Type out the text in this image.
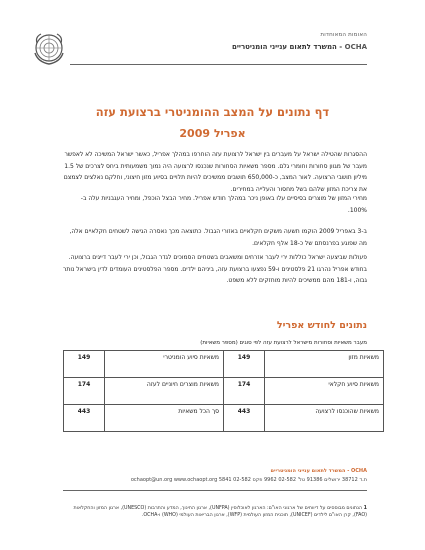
האומות המאוחדות
OCHA - המשרד לתאום ענייני הומניטריים
דף נתונים על המצב ההומניטרי ברצועת עזה
אפריל 2009
ההסגרות שהטילה ישראל על מעברים בין ישראל לרצועת עזה הוחרפו במהלך אפריל, כאשר ישראל המשיכה לא לאפשר מעבר של מגוון סחורות וחומרי גלם. מספר משאיות הסחורות שנכנסו לרצועה היה נמוך משמעותית ביחס לצרכים של 1.5 מיליון תושבי הרצועה. לאור המצב, כ-650,000 תושבים ממשיכים להיות תלויים בסיוע מזון חיצוני, וחלקם נאלצים לצמצם את צריכת המזון שלהם בשל מחסור והעלייה במחירים.
מחירי המזון של מוצרים בסיסיים עלו באופן ניכר במהלך חודש אפריל. מחיר הבצל הוכפל, ומחיר העגבניות עלה ב- 100%.
ב-3 באפריל 2009 הוקמו תשעה משקים חקלאיים באזורי הגבול. כתוצאה מכך נאסרה הגישה לשטחים חקלאיים אלה, מה שפוגע בפרנסתם של כ-18 אלף חקלאים.
פעולות שביצעה ישראל כוללות ירי לעבר אזרחים ומשאבים בשטחים הסמוכים לגדר הגבול, וכן ירי לעבר דייגים ברצועה. בחודש אפריל נהרגו 21 פלסטינים ו-59 נפצעו ברצועת עזה, ביניהם ילדים. מספר הפלסטינים העומדים לדין בישראל נותר גבוה, ו-181 מהם ממשיכים להיות מוחזקים ללא משפט.
נתונים לחודש אפריל
מעבר משאיות וסחורות מישראל לרצועת עזה לפי סוגים (מספר משאיות)
משאיות מזון	149	משאיות סיוע הומניטרי	149
משאיות סיוע חקלאי	174	משאיות מוצרים חיוניים לעזה	174
משאיות שהוכנסו לרצועה	443	סך הכל משאיות	443
OCHA - המשרד לתאום ענייני הומניטריים
ת.ד 38712 ירושלים 91386 טל' 02-582 9962 פקס 02-582 5841 ochaopt@un.org www.ochaopt.org
1 הנתונים מבוססים על דיווחים של ארגוני האו"ם: הארגון לאוכלוסין (UNFPA), ארגון החינוך, המדע והתרבות (UNESCO), ארגון המזון והחקלאות (FAO), קרן האו"ם לילדים (UNICEF), תוכנית המזון העולמית (WFP), ארגון הבריאות העולמי (WHO) ו-OCHA.
